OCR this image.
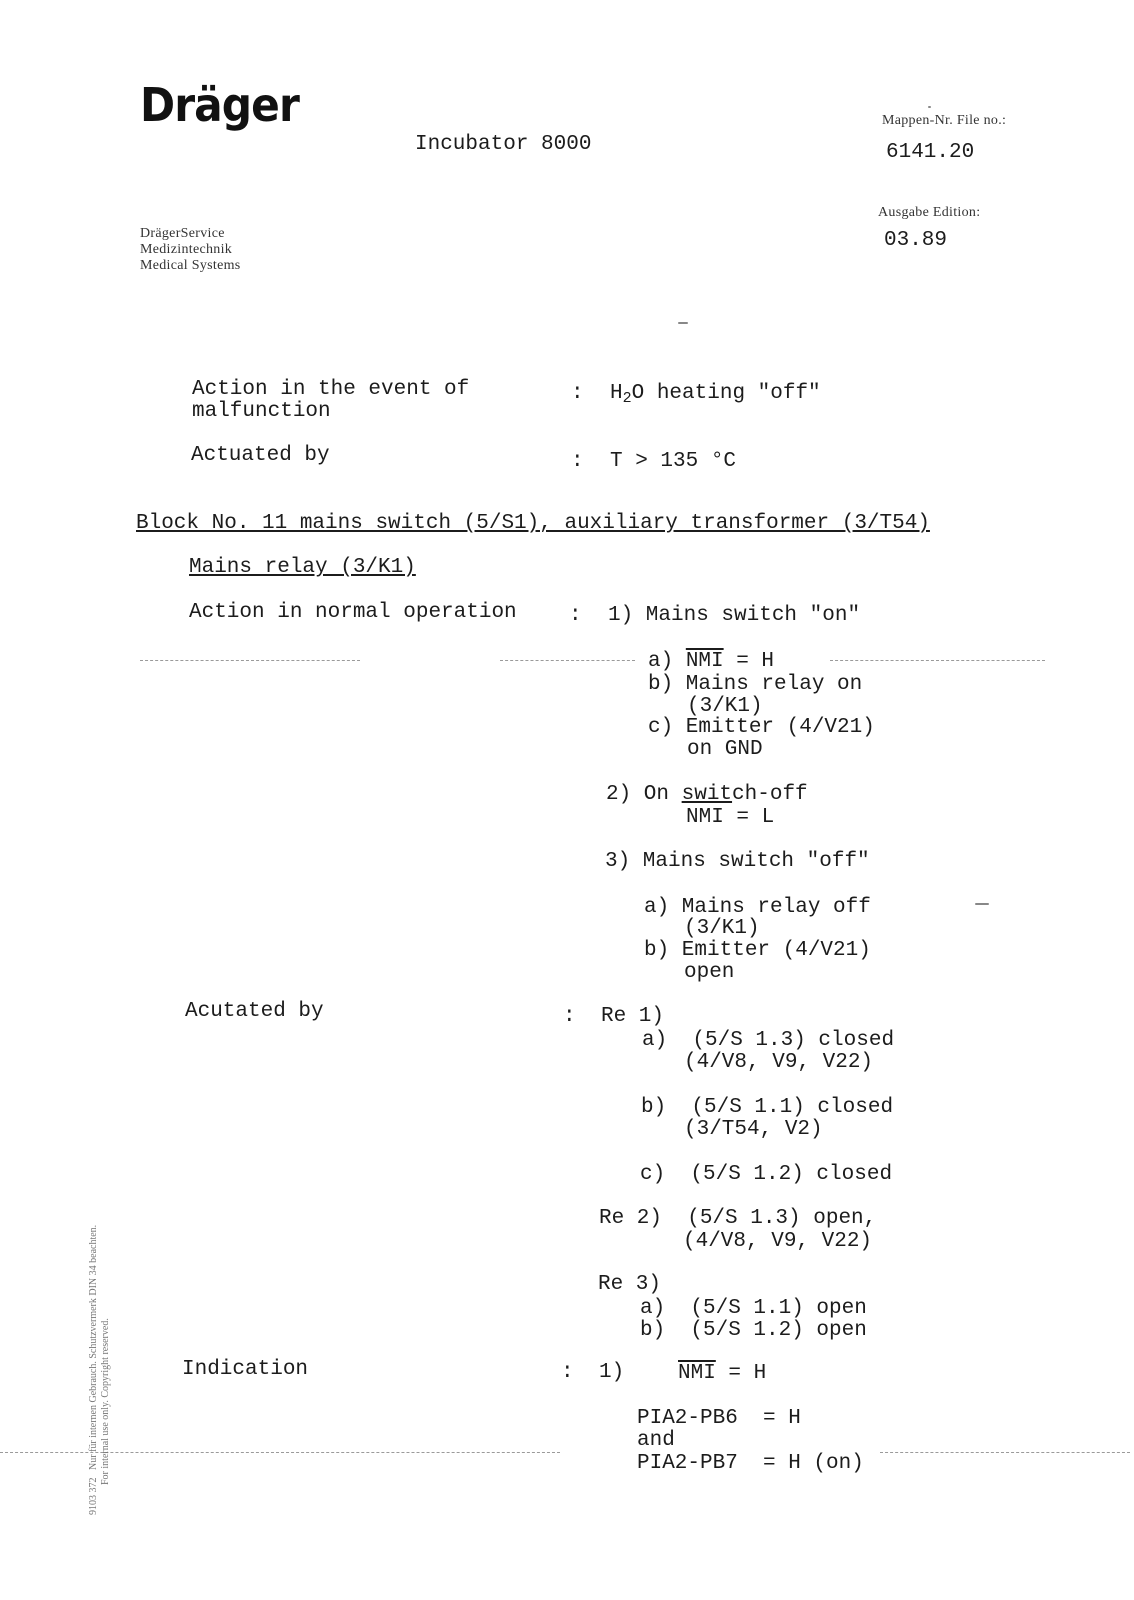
Dräger
Incubator 8000
Mappen-Nr. File no.:
6141.20
Ausgabe Edition:
03.89
DrägerService
Medizintechnik
Medical Systems
Action in the event of
malfunction
: $H_2O$ heating "off"
Actuated by	: T > 135 °C
Block No. 11 mains switch (5/S1), auxiliary transformer (3/T54)
Mains relay (3/K1)
Action in normal operation : 1) Mains switch "on"
a) $\overline{NMI} = H$
b) Mains relay on
(3/K1)
c) Emitter (4/V21)
on GND
2) On switch-off
NMI = L
3) Mains switch "off"
a) Mains relay off
(3/K1)
b) Emitter (4/V21)
open
Acutated by	: Re 1)
a)  (5/S 1.3) closed
(4/V8, V9, V22)
b)  (5/S 1.1) closed
(3/T54, V2)
c)  (5/S 1.2) closed
Re 2)  (5/S 1.3) open,
(4/V8, V9, V22)
Re 3)
a)  (5/S 1.1) open
b)  (5/S 1.2) open
Indication	: 1)	$\overline{NMI} = H$
PIA2-PB6  = H
and
PIA2-PB7  = H (on)
9103 372   Nur für internen Gebrauch. Schutzvermerk DIN 34 beachten.
For internal use only. Copyright reserved.
